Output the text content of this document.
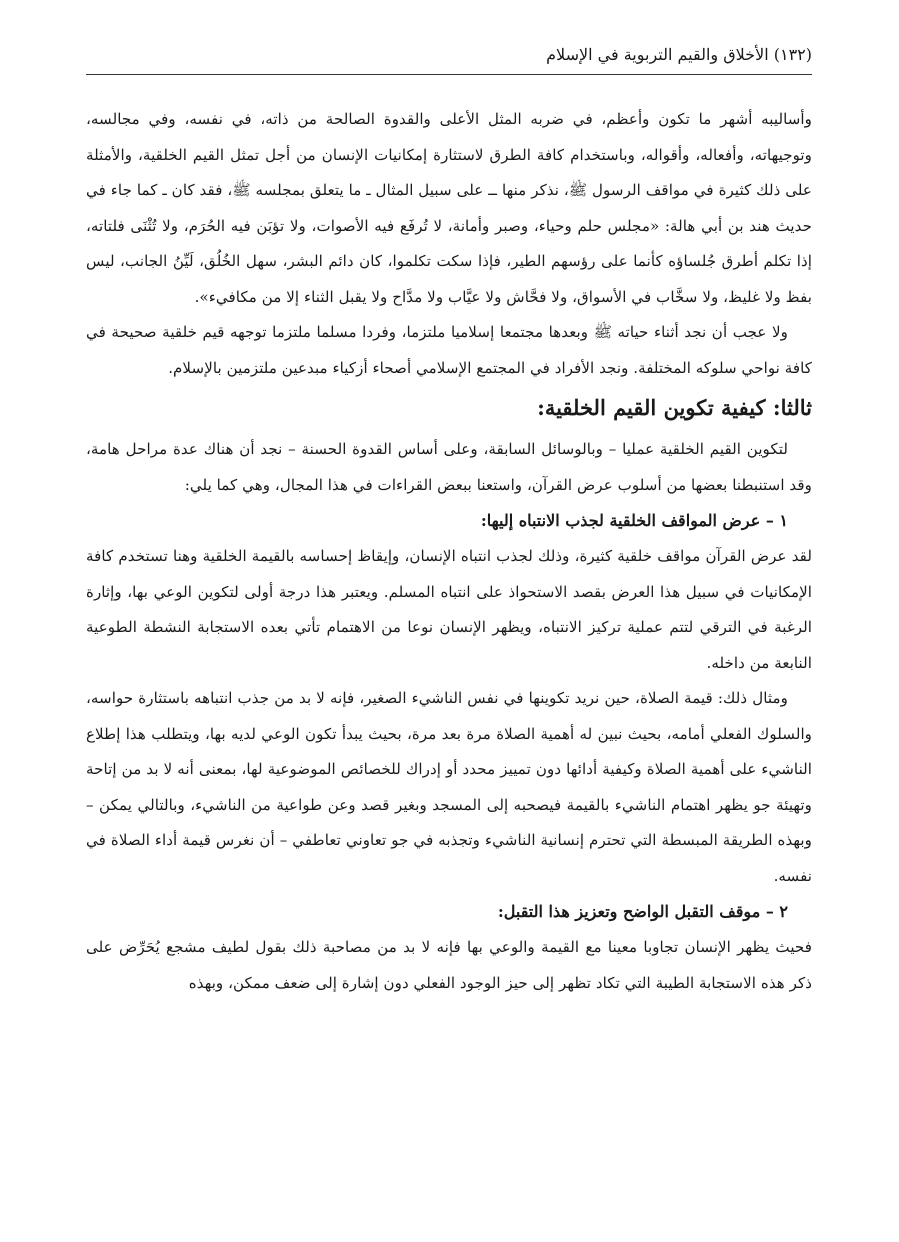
(١٣٢) الأخلاق والقيم التربوية في الإسلام

وأساليبه أشهر ما تكون وأعظم، في ضربه المثل الأعلى والقدوة الصالحة من ذاته، في نفسه، وفي مجالسه، وتوجيهاته، وأفعاله، وأقواله، وباستخدام كافة الطرق لاستثارة إمكانيات الإنسان من أجل تمثل القيم الخلقية، والأمثلة على ذلك كثيرة في مواقف الرسول ﷺ، نذكر منها ــ على سبيل المثال ـ ما يتعلق بمجلسه ﷺ، فقد كان ـ كما جاء في حديث هند بن أبي هالة: «مجلس حلم وحياء، وصبر وأمانة، لا تُرفَع فيه الأصوات، ولا تؤبَن فيه الحُرَم، ولا تُثْنَى فلتاته، إذا تكلم أطرق جُلساؤه كأنما على رؤسهم الطير، فإذا سكت تكلموا، كان دائم البشر، سهل الخُلُق، لَيِّنُ الجانب، ليس بفظ ولا غليظ، ولا سخَّاب في الأسواق، ولا فحَّاش ولا عيَّاب ولا مدَّاح ولا يقبل الثناء إلا من مكافيء».

ولا عجب أن نجد أثناء حياته ﷺ وبعدها مجتمعا إسلاميا ملتزما، وفردا مسلما ملتزما توجهه قيم خلقية صحيحة في كافة نواحي سلوكه المختلفة. ونجد الأفراد في المجتمع الإسلامي أصحاء أزكياء مبدعين ملتزمين بالإسلام.

ثالثا: كيفية تكوين القيم الخلقية:

لتكوين القيم الخلقية عمليا – وبالوسائل السابقة، وعلى أساس القدوة الحسنة – نجد أن هناك عدة مراحل هامة، وقد استنبطنا بعضها من أسلوب عرض القرآن، واستعنا ببعض القراءات في هذا المجال، وهي كما يلي:

١ – عرض المواقف الخلقية لجذب الانتباه إليها:

لقد عرض القرآن مواقف خلقية كثيرة، وذلك لجذب انتباه الإنسان، وإيقاظ إحساسه بالقيمة الخلقية وهنا تستخدم كافة الإمكانيات في سبيل هذا العرض بقصد الاستحواذ على انتباه المسلم. ويعتبر هذا درجة أولى لتكوين الوعي بها، وإثارة الرغبة في الترقي لتتم عملية تركيز الانتباه، ويظهر الإنسان نوعا من الاهتمام تأتي بعده الاستجابة النشطة الطوعية النابعة من داخله.

ومثال ذلك: قيمة الصلاة، حين نريد تكوينها في نفس الناشيء الصغير، فإنه لا بد من جذب انتباهه باستثارة حواسه، والسلوك الفعلي أمامه، بحيث نبين له أهمية الصلاة مرة بعد مرة، بحيث يبدأ تكون الوعي لديه بها، ويتطلب هذا إطلاع الناشيء على أهمية الصلاة وكيفية أدائها دون تمييز محدد أو إدراك للخصائص الموضوعية لها، بمعنى أنه لا بد من إتاحة وتهيئة جو يظهر اهتمام الناشيء بالقيمة فيصحبه إلى المسجد وبغير قصد وعن طواعية من الناشيء، وبالتالي يمكن – وبهذه الطريقة المبسطة التي تحترم إنسانية الناشيء وتجذبه في جو تعاوني تعاطفي – أن نغرس قيمة أداء الصلاة في نفسه.

٢ – موقف التقبل الواضح وتعزيز هذا التقبل:

فحيث يظهر الإنسان تجاوبا معينا مع القيمة والوعي بها فإنه لا بد من مصاحبة ذلك بقول لطيف مشجع يُحَرِّض على ذكر هذه الاستجابة الطيبة التي تكاد تظهر إلى حيز الوجود الفعلي دون إشارة إلى ضعف ممكن، وبهذه
